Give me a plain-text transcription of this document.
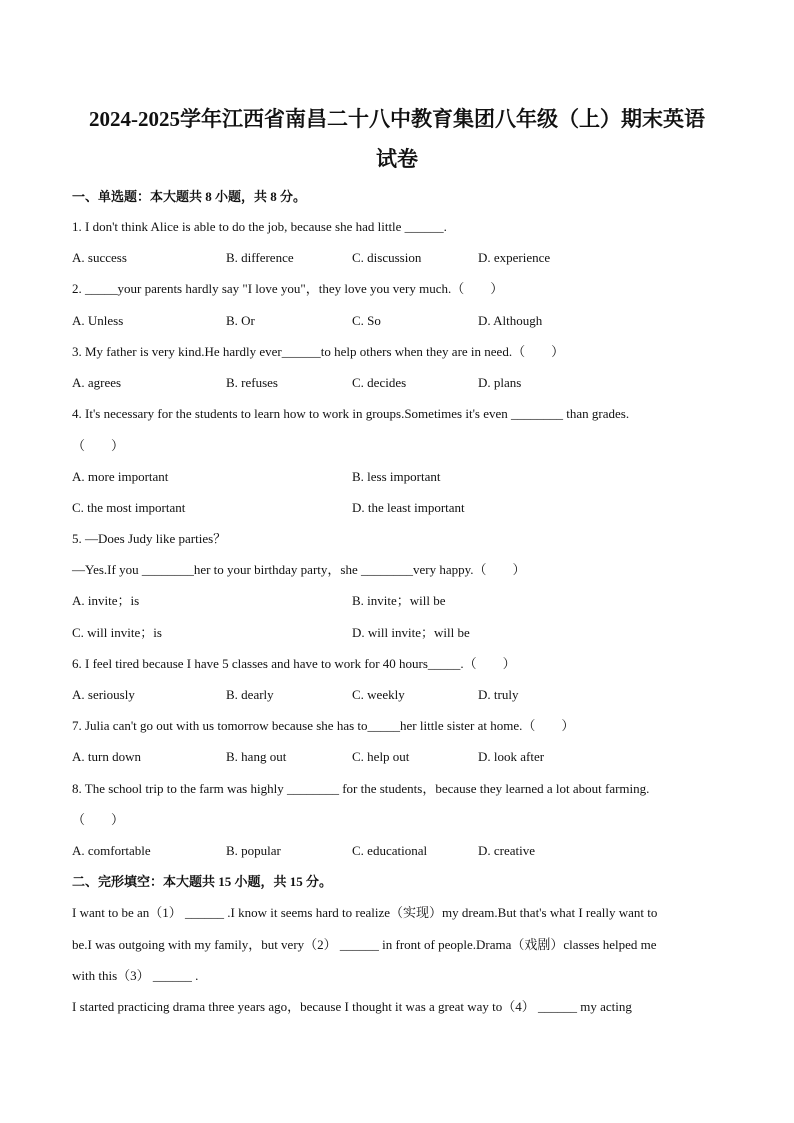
2024-2025学年江西省南昌二十八中教育集团八年级（上）期末英语
试卷
一、单选题：本大题共 8 小题，共 8 分。
1. I don't think Alice is able to do the job, because she had little ______.
A. success	B. difference	C. discussion	D. experience
2. _____your parents hardly say "I love you"，they love you very much.（　　）
A. Unless	B. Or	C. So	D. Although
3. My father is very kind.He hardly ever______to help others when they are in need.（　　）
A. agrees	B. refuses	C. decides	D. plans
4. It's necessary for the students to learn how to work in groups.Sometimes it's even ________ than grades.
（　　）
A. more important	B. less important
C. the most important	D. the least important
5. —Does Judy like parties？
—Yes.If you ________her to your birthday party，she ________very happy.（　　）
A. invite；is	B. invite；will be
C. will invite；is	D. will invite；will be
6. I feel tired because I have 5 classes and have to work for 40 hours_____.（　　）
A. seriously	B. dearly	C. weekly	D. truly
7. Julia can't go out with us tomorrow because she has to_____her little sister at home.（　　）
A. turn down	B. hang out	C. help out	D. look after
8. The school trip to the farm was highly ________ for the students，because they learned a lot about farming.
（　　）
A. comfortable	B. popular	C. educational	D. creative
二、完形填空：本大题共 15 小题，共 15 分。
I want to be an（1） ______ .I know it seems hard to realize（实现）my dream.But that's what I really want to
be.I was outgoing with my family，but very（2） ______ in front of people.Drama（戏剧）classes helped me
with this（3） ______ .
I started practicing drama three years ago，because I thought it was a great way to（4） ______ my acting
